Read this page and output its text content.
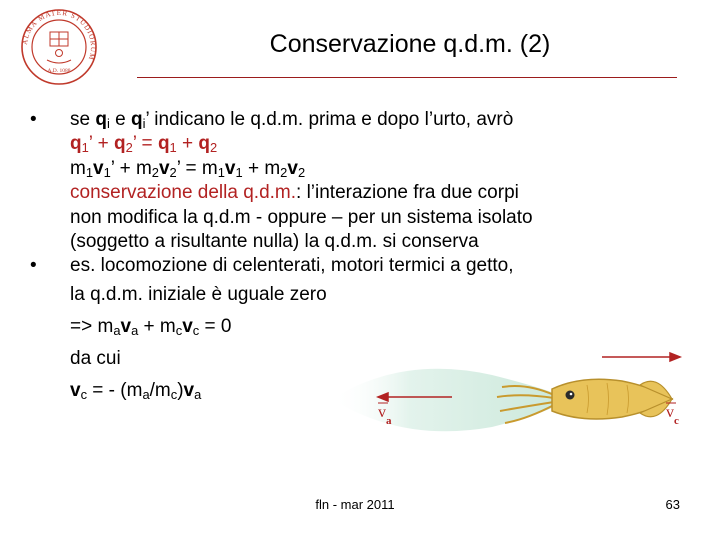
ALMA MATER STUDIORUM
A.D. 1088
Conservazione q.d.m. (2)
• se $q_i$ e $q_i$’ indicano le q.d.m. prima e dopo l’urto, avrò
$q_1$’ + $q_2$’ = $q_1 + q_2$
$m_1v_1$’ + $m_2v_2$’ = $m_1v_1 + m_2v_2$
conservazione della q.d.m.: l’interazione fra due corpi
non modifica la q.d.m - oppure – per un sistema isolato
(soggetto a risultante nulla) la q.d.m. si conserva
• es. locomozione di celenterati, motori termici a getto,
la q.d.m. iniziale è uguale zero
=> $m_av_a + m_cv_c = 0$
da cui
$v_c$ = - $(m_a/m_c)v_a$
v a	v c
fln - mar 2011	63
